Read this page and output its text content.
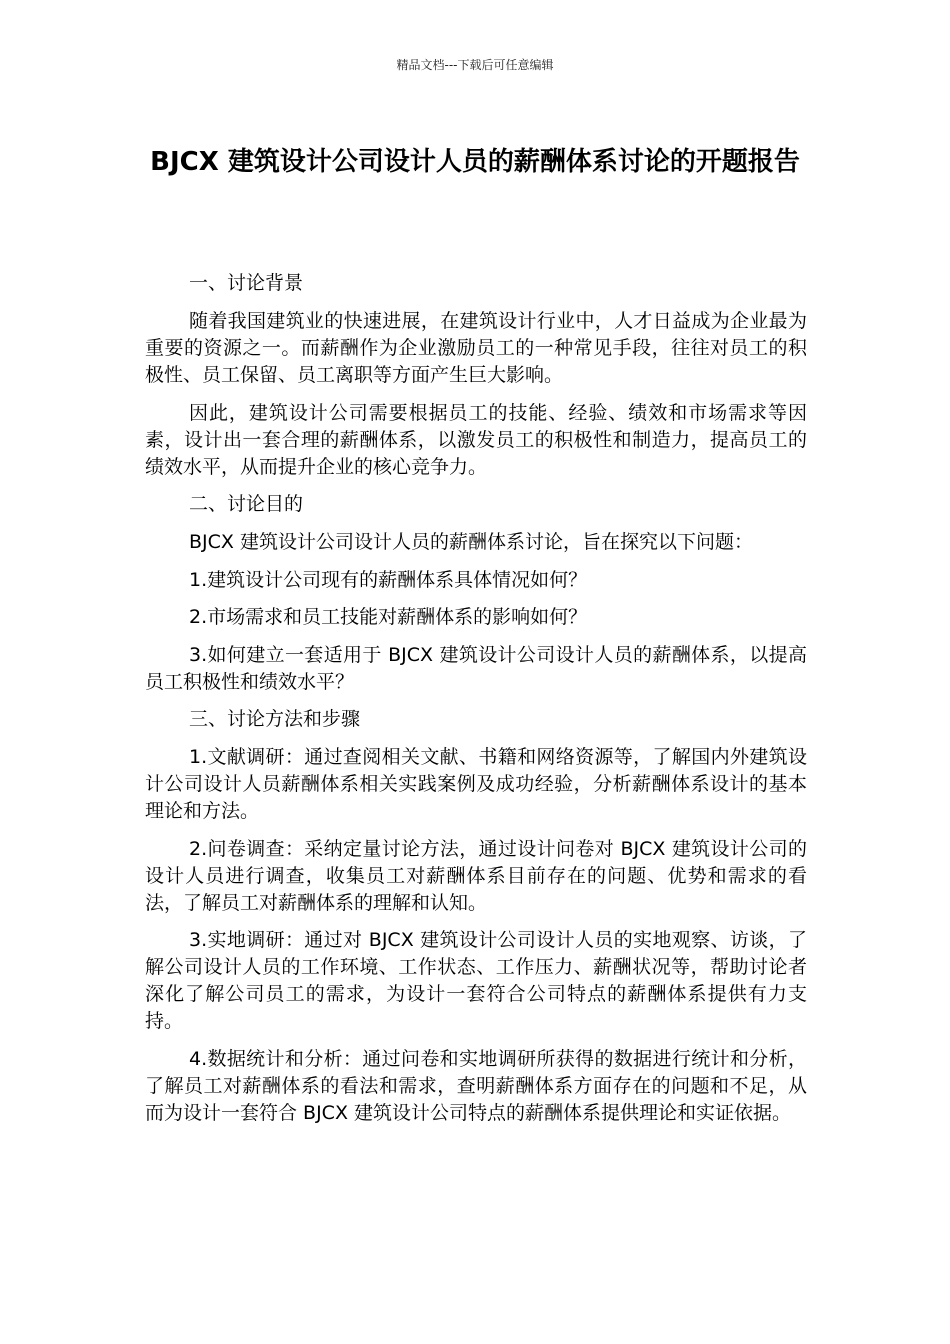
精品文档---下载后可任意编辑
BJCX 建筑设计公司设计人员的薪酬体系讨论的开题报告

一、讨论背景

随着我国建筑业的快速进展，在建筑设计行业中，人才日益成为企业最为重要的资源之一。而薪酬作为企业激励员工的一种常见手段，往往对员工的积极性、员工保留、员工离职等方面产生巨大影响。

因此，建筑设计公司需要根据员工的技能、经验、绩效和市场需求等因素，设计出一套合理的薪酬体系，以激发员工的积极性和制造力，提高员工的绩效水平，从而提升企业的核心竞争力。

二、讨论目的

BJCX 建筑设计公司设计人员的薪酬体系讨论，旨在探究以下问题：

1.建筑设计公司现有的薪酬体系具体情况如何？

2.市场需求和员工技能对薪酬体系的影响如何？

3.如何建立一套适用于 BJCX 建筑设计公司设计人员的薪酬体系，以提高员工积极性和绩效水平？

三、讨论方法和步骤

1.文献调研：通过查阅相关文献、书籍和网络资源等，了解国内外建筑设计公司设计人员薪酬体系相关实践案例及成功经验，分析薪酬体系设计的基本理论和方法。

2.问卷调查：采纳定量讨论方法，通过设计问卷对 BJCX 建筑设计公司的设计人员进行调查，收集员工对薪酬体系目前存在的问题、优势和需求的看法，了解员工对薪酬体系的理解和认知。

3.实地调研：通过对 BJCX 建筑设计公司设计人员的实地观察、访谈，了解公司设计人员的工作环境、工作状态、工作压力、薪酬状况等，帮助讨论者深化了解公司员工的需求，为设计一套符合公司特点的薪酬体系提供有力支持。

4.数据统计和分析：通过问卷和实地调研所获得的数据进行统计和分析，了解员工对薪酬体系的看法和需求，查明薪酬体系方面存在的问题和不足，从而为设计一套符合 BJCX 建筑设计公司特点的薪酬体系提供理论和实证依据。
